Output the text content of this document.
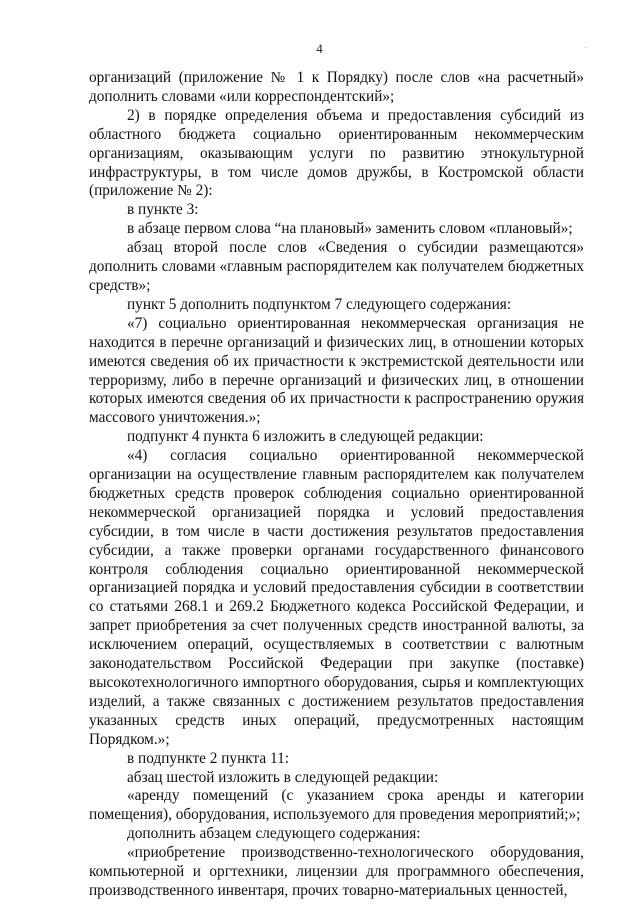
4

организаций (приложение № 1 к Порядку) после слов «на расчетный» дополнить словами «или корреспондентский»;

2) в порядке определения объема и предоставления субсидий из областного бюджета социально ориентированным некоммерческим организациям, оказывающим услуги по развитию этнокультурной инфраструктуры, в том числе домов дружбы, в Костромской области (приложение № 2):

в пункте 3:

в абзаце первом слова “на плановый» заменить словом «плановый»;

абзац второй после слов «Сведения о субсидии размещаются» дополнить словами «главным распорядителем как получателем бюджетных средств»;

пункт 5 дополнить подпунктом 7 следующего содержания:

«7) социально ориентированная некоммерческая организация не находится в перечне организаций и физических лиц, в отношении которых имеются сведения об их причастности к экстремистской деятельности или терроризму, либо в перечне организаций и физических лиц, в отношении которых имеются сведения об их причастности к распространению оружия массового уничтожения.»;

подпункт 4 пункта 6 изложить в следующей редакции:

«4) согласия социально ориентированной некоммерческой организации на осуществление главным распорядителем как получателем бюджетных средств проверок соблюдения социально ориентированной некоммерческой организацией порядка и условий предоставления субсидии, в том числе в части достижения результатов предоставления субсидии, а также проверки органами государственного финансового контроля соблюдения социально ориентированной некоммерческой организацией порядка и условий предоставления субсидии в соответствии со статьями 268.1 и 269.2 Бюджетного кодекса Российской Федерации, и запрет приобретения за счет полученных средств иностранной валюты, за исключением операций, осуществляемых в соответствии с валютным законодательством Российской Федерации при закупке (поставке) высокотехнологичного импортного оборудования, сырья и комплектующих изделий, а также связанных с достижением результатов предоставления указанных средств иных операций, предусмотренных настоящим Порядком.»;

в подпункте 2 пункта 11:

абзац шестой изложить в следующей редакции:

«аренду помещений (с указанием срока аренды и категории помещения), оборудования, используемого для проведения мероприятий;»;

дополнить абзацем следующего содержания:

«приобретение производственно-технологического оборудования, компьютерной и оргтехники, лицензии для программного обеспечения, производственного инвентаря, прочих товарно-материальных ценностей,
